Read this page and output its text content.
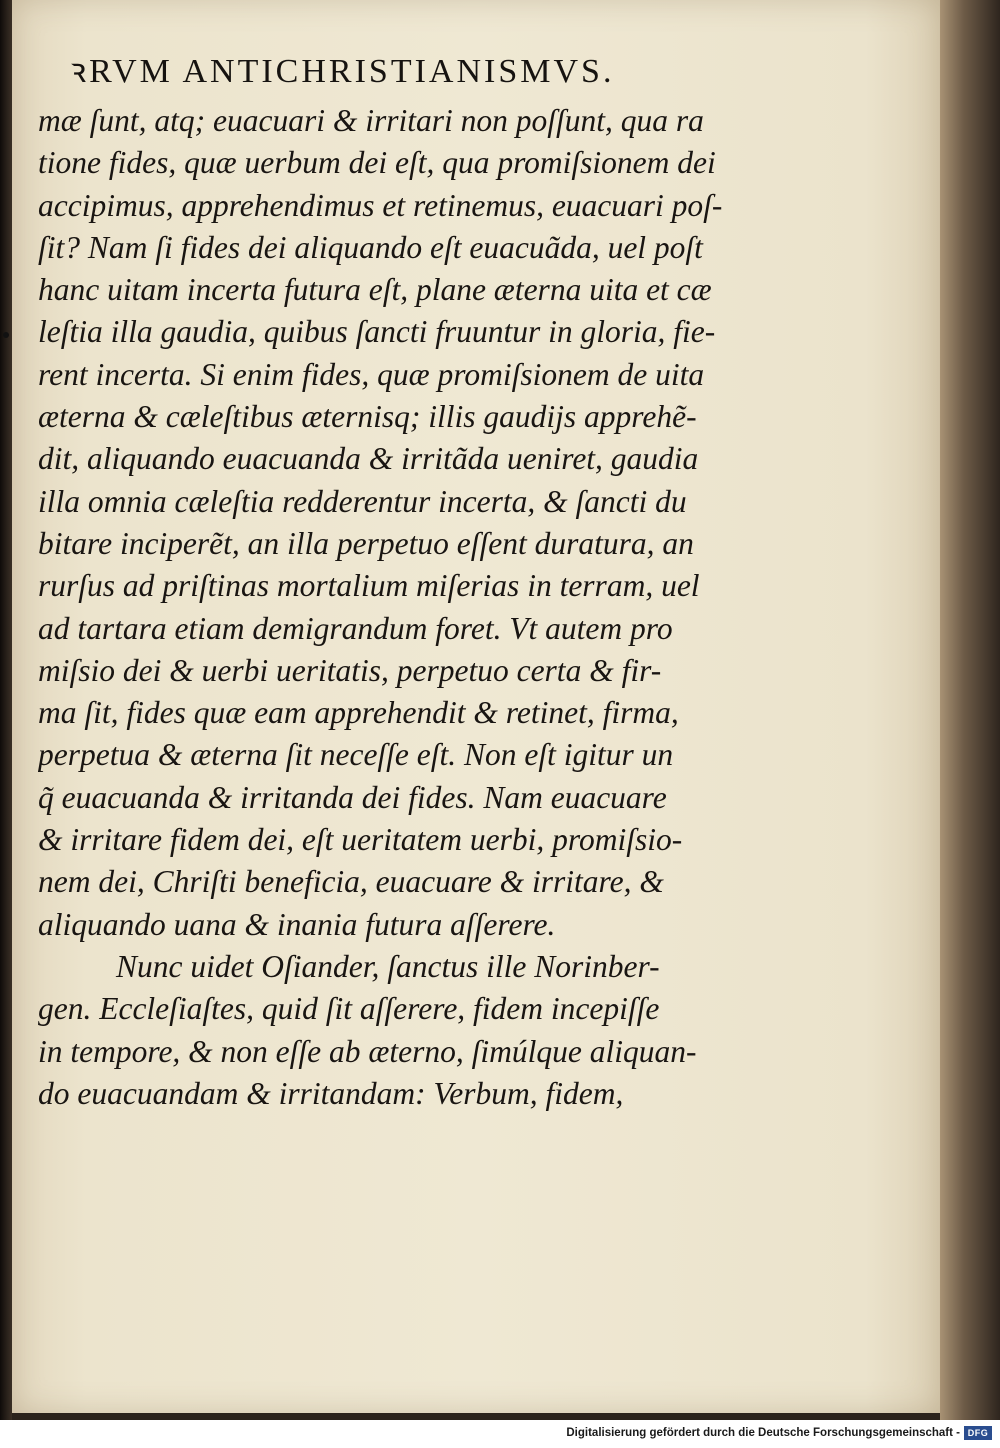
ꝛRVM ANTICHRISTIANISMVS.
mæ ſunt, atq; euacuari & irritari non poſſunt, qua ra
tione fides, quæ uerbum dei eſt, qua promiſsionem dei
accipimus, apprehendimus et retinemus, euacuari poſ-
ſit? Nam ſi fides dei aliquando eſt euacuãda, uel poſt
hanc uitam incerta futura eſt, plane æterna uita et cæ
leſtia illa gaudia, quibus ſancti fruuntur in gloria, fie-
rent incerta. Si enim fides, quæ promiſsionem de uita
æterna & cæleſtibus æternisq; illis gaudijs apprehẽ-
dit, aliquando euacuanda & irritãda ueniret, gaudia
illa omnia cæleſtia redderentur incerta, & ſancti du
bitare inciperẽt, an illa perpetuo eſſent duratura, an
rurſus ad priſtinas mortalium miſerias in terram, uel
ad tartara etiam demigrandum foret. Vt autem pro
miſsio dei & uerbi ueritatis, perpetuo certa & fir-
ma ſit, fides quæ eam apprehendit & retinet, firma,
perpetua & æterna ſit neceſſe eſt. Non eſt igitur un
q̃ euacuanda & irritanda dei fides. Nam euacuare
& irritare fidem dei, eſt ueritatem uerbi, promiſsio-
nem dei, Chriſti beneficia, euacuare & irritare, &
aliquando uana & inania futura aſſerere.
Nunc uidet Oſiander, ſanctus ille Norinber-
gen. Eccleſiaſtes, quid ſit aſſerere, fidem incepiſſe
in tempore, & non eſſe ab æterno, ſimúlque aliquan-
do euacuandam & irritandam: Verbum, fidem,
Digitalisierung gefördert durch die Deutsche Forschungsgemeinschaft - DFG
